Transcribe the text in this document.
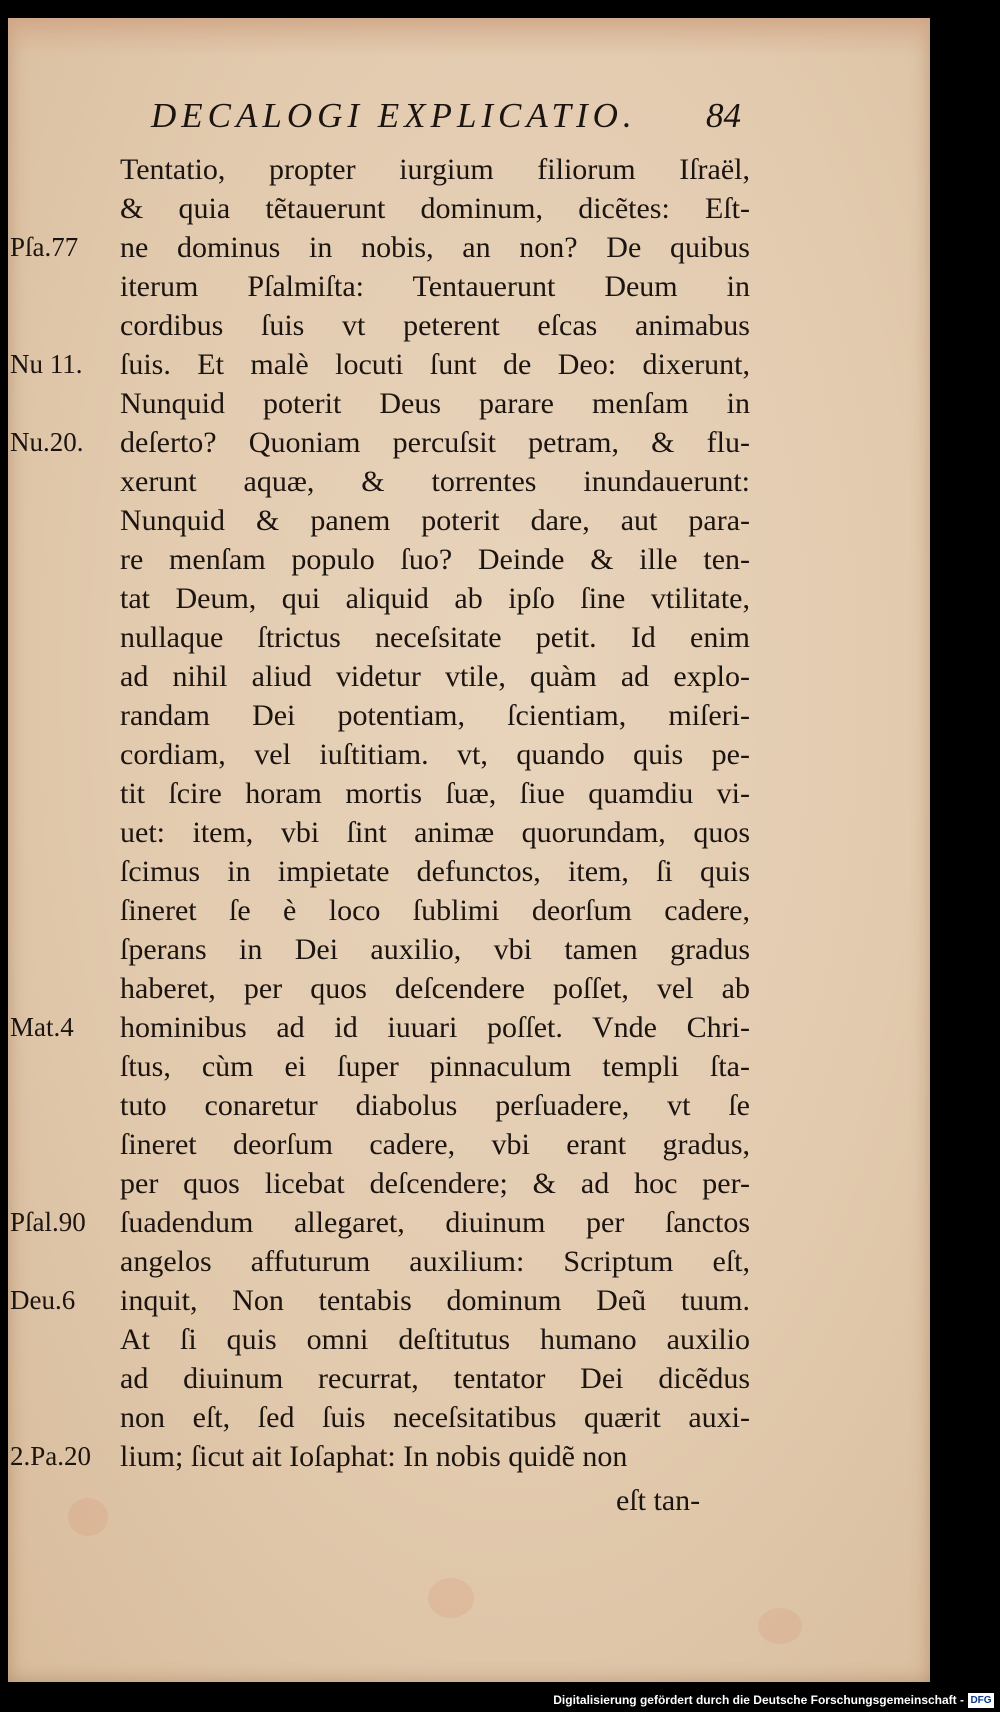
DECALOGI EXPLICATIO. 84
Tentatio, propter iurgium filiorum Iſraël,
& quia tẽtauerunt dominum, dicẽtes: Eſt-
Pſa.77	ne dominus in nobis, an non? De quibus
iterum Pſalmiſta: Tentauerunt Deum in
cordibus ſuis vt peterent eſcas animabus
Nu 11.	ſuis. Et malè locuti ſunt de Deo: dixerunt,
Nunquid poterit Deus parare menſam in
Nu.20.	deſerto? Quoniam percuſsit petram, & flu-
xerunt aquæ, & torrentes inundauerunt:
Nunquid & panem poterit dare, aut para-
re menſam populo ſuo? Deinde & ille ten-
tat Deum, qui aliquid ab ipſo ſine vtilitate,
nullaque ſtrictus neceſsitate petit. Id enim
ad nihil aliud videtur vtile, quàm ad explo-
randam Dei potentiam, ſcientiam, miſeri-
cordiam, vel iuſtitiam. vt, quando quis pe-
tit ſcire horam mortis ſuæ, ſiue quamdiu vi-
uet: item, vbi ſint animæ quorundam, quos
ſcimus in impietate defunctos, item, ſi quis
ſineret ſe è loco ſublimi deorſum cadere,
ſperans in Dei auxilio, vbi tamen gradus
haberet, per quos deſcendere poſſet, vel ab
Mat.4	hominibus ad id iuuari poſſet. Vnde Chri-
ſtus, cùm ei ſuper pinnaculum templi ſta-
tuto conaretur diabolus perſuadere, vt ſe
ſineret deorſum cadere, vbi erant gradus,
per quos licebat deſcendere; & ad hoc per-
Pſal.90	ſuadendum allegaret, diuinum per ſanctos
angelos affuturum auxilium: Scriptum eſt,
Deu.6	inquit, Non tentabis dominum Deũ tuum.
At ſi quis omni deſtitutus humano auxilio
ad diuinum recurrat, tentator Dei dicẽdus
non eſt, ſed ſuis neceſsitatibus quærit auxi-
2.Pa.20 lium; ſicut ait Ioſaphat: In nobis quidẽ non
eſt tan-
Digitalisierung gefördert durch die Deutsche Forschungsgemeinschaft - DFG
